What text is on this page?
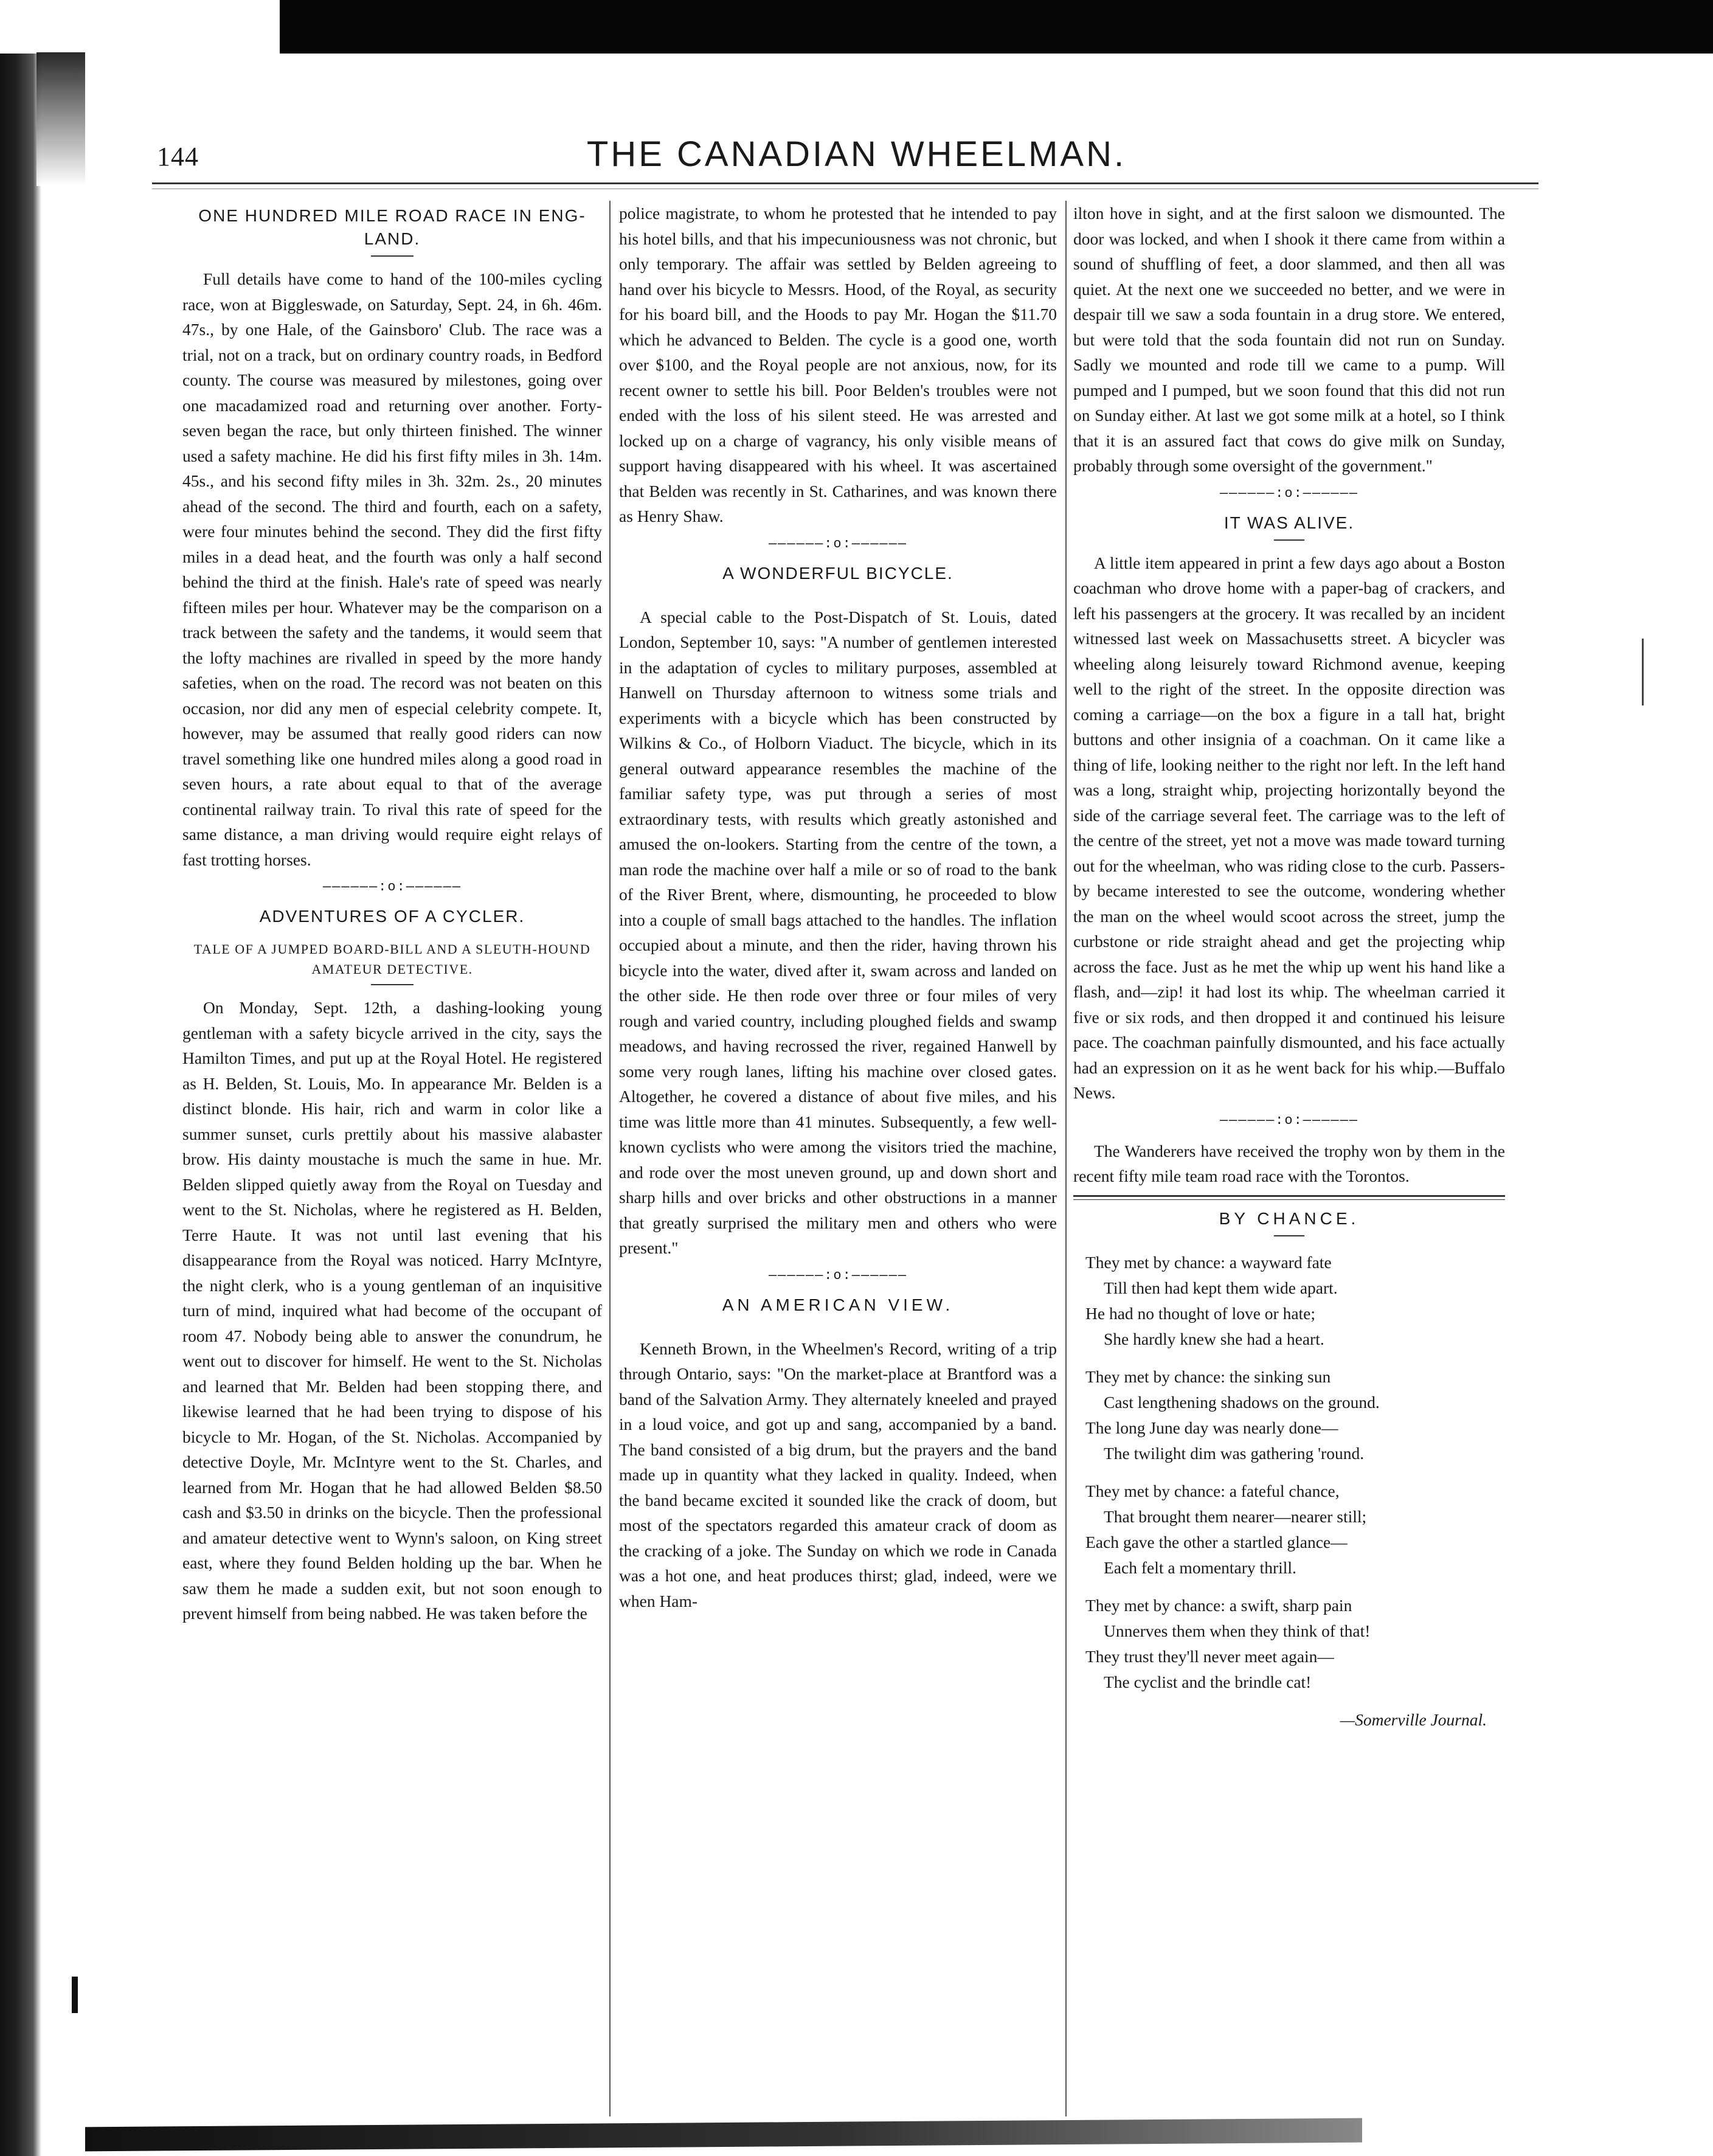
144	THE CANADIAN WHEELMAN.
ONE HUNDRED MILE ROAD RACE IN ENG-
LAND.

Full details have come to hand of the 100-miles cycling race, won at Biggleswade, on Saturday, Sept. 24, in 6h. 46m. 47s., by one Hale, of the Gainsboro' Club. The race was a trial, not on a track, but on ordinary country roads, in Bedford county. The course was measured by milestones, going over one macadamized road and returning over another. Forty-seven began the race, but only thirteen finished. The winner used a safety machine. He did his first fifty miles in 3h. 14m. 45s., and his second fifty miles in 3h. 32m. 2s., 20 minutes ahead of the second. The third and fourth, each on a safety, were four minutes behind the second. They did the first fifty miles in a dead heat, and the fourth was only a half second behind the third at the finish. Hale's rate of speed was nearly fifteen miles per hour. Whatever may be the comparison on a track between the safety and the tandems, it would seem that the lofty machines are rivalled in speed by the more handy safeties, when on the road. The record was not beaten on this occasion, nor did any men of especial celebrity compete. It, however, may be assumed that really good riders can now travel something like one hundred miles along a good road in seven hours, a rate about equal to that of the average continental railway train. To rival this rate of speed for the same distance, a man driving would require eight relays of fast trotting horses.

——————:o:——————
ADVENTURES OF A CYCLER.
TALE OF A JUMPED BOARD-BILL AND A SLEUTH-HOUND AMATEUR DETECTIVE.

On Monday, Sept. 12th, a dashing-looking young gentleman with a safety bicycle arrived in the city, says the Hamilton Times, and put up at the Royal Hotel. He registered as H. Belden, St. Louis, Mo. In appearance Mr. Belden is a distinct blonde. His hair, rich and warm in color like a summer sunset, curls prettily about his massive alabaster brow. His dainty moustache is much the same in hue. Mr. Belden slipped quietly away from the Royal on Tuesday and went to the St. Nicholas, where he registered as H. Belden, Terre Haute. It was not until last evening that his disappearance from the Royal was noticed. Harry McIntyre, the night clerk, who is a young gentleman of an inquisitive turn of mind, inquired what had become of the occupant of room 47. Nobody being able to answer the conundrum, he went out to discover for himself. He went to the St. Nicholas and learned that Mr. Belden had been stopping there, and likewise learned that he had been trying to dispose of his bicycle to Mr. Hogan, of the St. Nicholas. Accompanied by detective Doyle, Mr. McIntyre went to the St. Charles, and learned from Mr. Hogan that he had allowed Belden $8.50 cash and $3.50 in drinks on the bicycle. Then the professional and amateur detective went to Wynn's saloon, on King street east, where they found Belden holding up the bar. When he saw them he made a sudden exit, but not soon enough to prevent himself from being nabbed. He was taken before the

police magistrate, to whom he protested that he intended to pay his hotel bills, and that his impecuniousness was not chronic, but only temporary. The affair was settled by Belden agreeing to hand over his bicycle to Messrs. Hood, of the Royal, as security for his board bill, and the Hoods to pay Mr. Hogan the $11.70 which he advanced to Belden. The cycle is a good one, worth over $100, and the Royal people are not anxious, now, for its recent owner to settle his bill. Poor Belden's troubles were not ended with the loss of his silent steed. He was arrested and locked up on a charge of vagrancy, his only visible means of support having disappeared with his wheel. It was ascertained that Belden was recently in St. Catharines, and was known there as Henry Shaw.

——————:o:——————
A WONDERFUL BICYCLE.

A special cable to the Post-Dispatch of St. Louis, dated London, September 10, says: "A number of gentlemen interested in the adaptation of cycles to military purposes, assembled at Hanwell on Thursday afternoon to witness some trials and experiments with a bicycle which has been constructed by Wilkins & Co., of Holborn Viaduct. The bicycle, which in its general outward appearance resembles the machine of the familiar safety type, was put through a series of most extraordinary tests, with results which greatly astonished and amused the on-lookers. Starting from the centre of the town, a man rode the machine over half a mile or so of road to the bank of the River Brent, where, dismounting, he proceeded to blow into a couple of small bags attached to the handles. The inflation occupied about a minute, and then the rider, having thrown his bicycle into the water, dived after it, swam across and landed on the other side. He then rode over three or four miles of very rough and varied country, including ploughed fields and swamp meadows, and having recrossed the river, regained Hanwell by some very rough lanes, lifting his machine over closed gates. Altogether, he covered a distance of about five miles, and his time was little more than 41 minutes. Subsequently, a few well-known cyclists who were among the visitors tried the machine, and rode over the most uneven ground, up and down short and sharp hills and over bricks and other obstructions in a manner that greatly surprised the military men and others who were present."

——————:o:——————
AN AMERICAN VIEW.

Kenneth Brown, in the Wheelmen's Record, writing of a trip through Ontario, says: "On the market-place at Brantford was a band of the Salvation Army. They alternately kneeled and prayed in a loud voice, and got up and sang, accompanied by a band. The band consisted of a big drum, but the prayers and the band made up in quantity what they lacked in quality. Indeed, when the band became excited it sounded like the crack of doom, but most of the spectators regarded this amateur crack of doom as the cracking of a joke. The Sunday on which we rode in Canada was a hot one, and heat produces thirst; glad, indeed, were we when Ham-

ilton hove in sight, and at the first saloon we dismounted. The door was locked, and when I shook it there came from within a sound of shuffling of feet, a door slammed, and then all was quiet. At the next one we succeeded no better, and we were in despair till we saw a soda fountain in a drug store. We entered, but were told that the soda fountain did not run on Sunday. Sadly we mounted and rode till we came to a pump. Will pumped and I pumped, but we soon found that this did not run on Sunday either. At last we got some milk at a hotel, so I think that it is an assured fact that cows do give milk on Sunday, probably through some oversight of the government."

——————:o:——————
IT WAS ALIVE.

A little item appeared in print a few days ago about a Boston coachman who drove home with a paper-bag of crackers, and left his passengers at the grocery. It was recalled by an incident witnessed last week on Massachusetts street. A bicycler was wheeling along leisurely toward Richmond avenue, keeping well to the right of the street. In the opposite direction was coming a carriage—on the box a figure in a tall hat, bright buttons and other insignia of a coachman. On it came like a thing of life, looking neither to the right nor left. In the left hand was a long, straight whip, projecting horizontally beyond the side of the carriage several feet. The carriage was to the left of the centre of the street, yet not a move was made toward turning out for the wheelman, who was riding close to the curb. Passers-by became interested to see the outcome, wondering whether the man on the wheel would scoot across the street, jump the curbstone or ride straight ahead and get the projecting whip across the face. Just as he met the whip up went his hand like a flash, and—zip! it had lost its whip. The wheelman carried it five or six rods, and then dropped it and continued his leisure pace. The coachman painfully dismounted, and his face actually had an expression on it as he went back for his whip.—Buffalo News.

——————:o:——————

The Wanderers have received the trophy won by them in the recent fifty mile team road race with the Torontos.

BY CHANCE.
They met by chance: a wayward fate
Till then had kept them wide apart.
He had no thought of love or hate;
She hardly knew she had a heart.
They met by chance: the sinking sun
Cast lengthening shadows on the ground.
The long June day was nearly done—
The twilight dim was gathering 'round.
They met by chance: a fateful chance,
That brought them nearer—nearer still;
Each gave the other a startled glance—
Each felt a momentary thrill.
They met by chance: a swift, sharp pain
Unnerves them when they think of that!
They trust they'll never meet again—
The cyclist and the brindle cat!
—Somerville Journal.
